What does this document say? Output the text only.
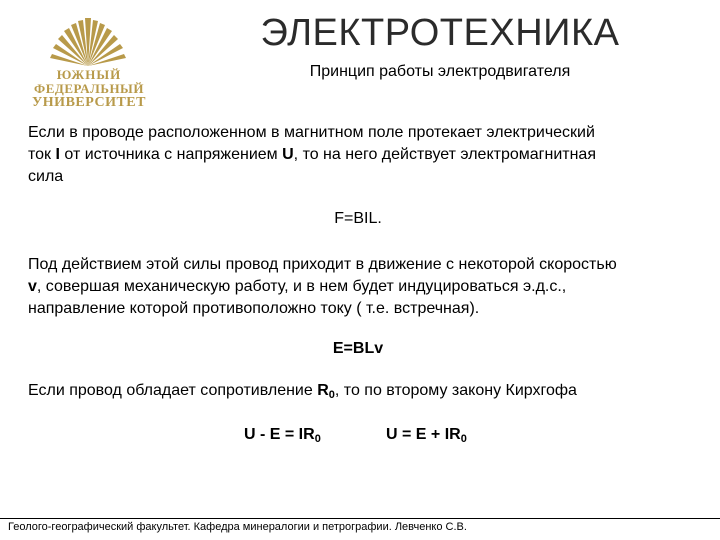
ЮЖНЫЙ
ФЕДЕРАЛЬНЫЙ
УНИВЕРСИТЕТ
ЭЛЕКТРОТЕХНИКА
Принцип работы электродвигателя
Если в проводе расположенном в магнитном поле протекает электрический
ток I от источника с напряжением U, то на него действует электромагнитная
сила
F=BIL.
Под действием этой силы провод приходит в движение с некоторой скоростью
v, совершая механическую работу, и в нем будет индуцироваться э.д.с.,
направление которой противоположно току ( т.е. встречная).
E=BLv
Если провод обладает сопротивление $R_0$, то по второму закону Кирхгофа
$U - E = IR_0$	$U = E + IR_0$
Геолого-географический факультет. Кафедра минералогии и петрографии. Левченко С.В.
